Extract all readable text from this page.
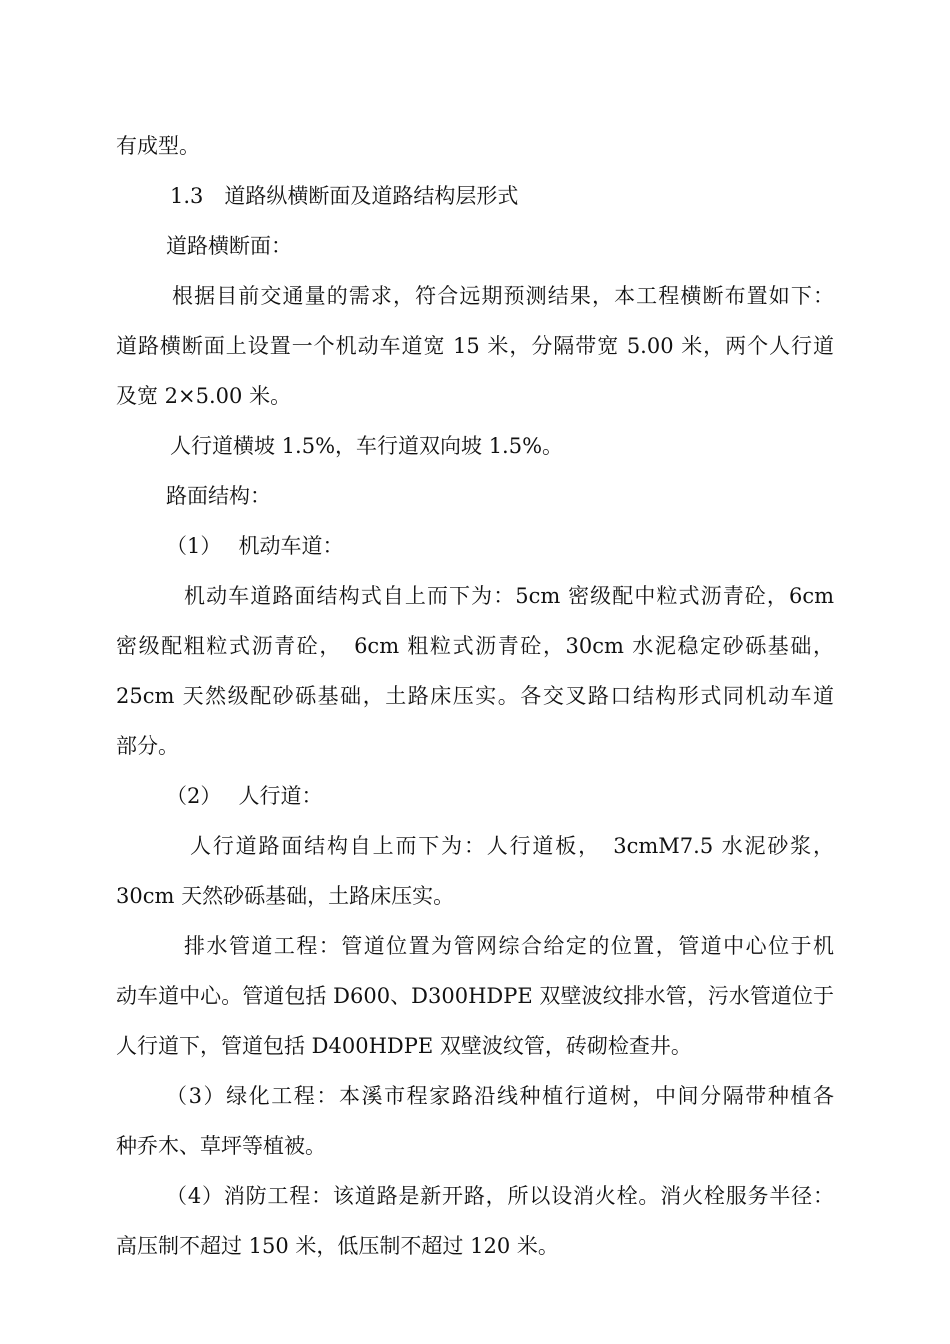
有成型。
1.3　道路纵横断面及道路结构层形式
道路横断面：
根据目前交通量的需求，符合远期预测结果，本工程横断布置如下：
道路横断面上设置一个机动车道宽 15 米，分隔带宽 5.00 米，两个人行道
及宽 2×5.00 米。
人行道横坡 1.5%，车行道双向坡 1.5%。
路面结构：
（1）　 机动车道：
机动车道路面结构式自上而下为：5cm 密级配中粒式沥青砼，6cm
密级配粗粒式沥青砼，　6cm 粗粒式沥青砼，30cm 水泥稳定砂砾基础，
25cm 天然级配砂砾基础，土路床压实。各交叉路口结构形式同机动车道
部分。
（2）　 人行道：
人行道路面结构自上而下为：人行道板，　3cmM7.5 水泥砂浆，
30cm 天然砂砾基础，土路床压实。
排水管道工程：管道位置为管网综合给定的位置，管道中心位于机
动车道中心。管道包括 D600、D300HDPE 双壁波纹排水管，污水管道位于
人行道下，管道包括 D400HDPE 双壁波纹管，砖砌检查井。
（3）绿化工程：本溪市程家路沿线种植行道树，中间分隔带种植各
种乔木、草坪等植被。
（4）消防工程：该道路是新开路，所以设消火栓。消火栓服务半径：
高压制不超过 150 米，低压制不超过 120 米。
